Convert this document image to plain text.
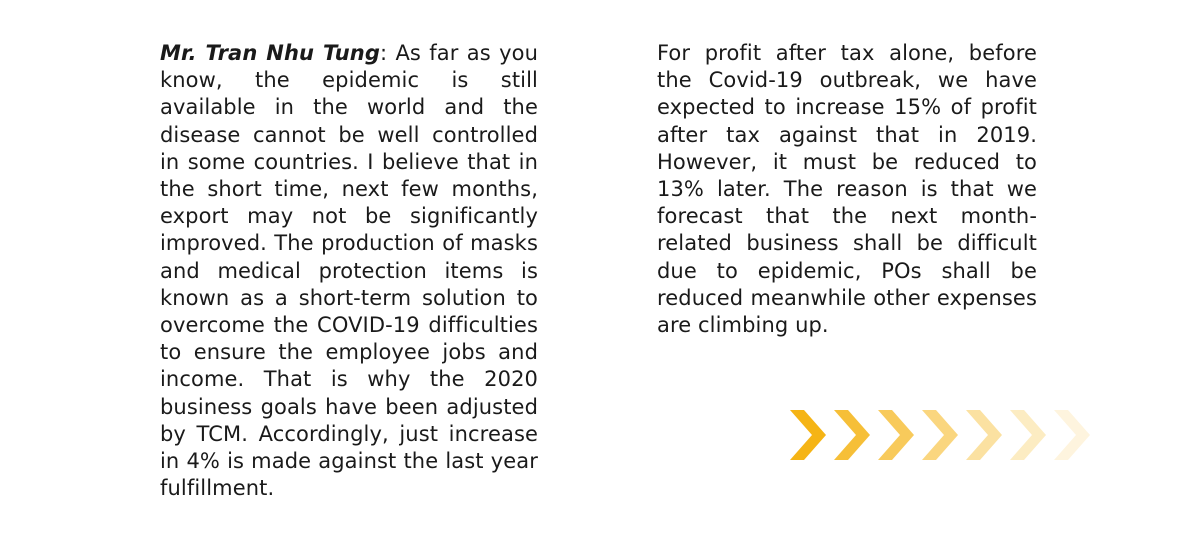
Mr. Tran Nhu Tung: As far as you know, the epidemic is still available in the world and the disease cannot be well controlled in some countries. I believe that in the short time, next few months, export may not be significantly improved. The production of masks and medical protection items is known as a short-term solution to overcome the COVID-19 difficulties to ensure the employee jobs and income. That is why the 2020 business goals have been adjusted by TCM. Accordingly, just increase in 4% is made against the last year fulfillment.
For profit after tax alone, before the Covid-19 outbreak, we have expected to increase 15% of profit after tax against that in 2019. However, it must be reduced to 13% later. The reason is that we forecast that the next month-related business shall be difficult due to epidemic, POs shall be reduced meanwhile other expenses are climbing up.
